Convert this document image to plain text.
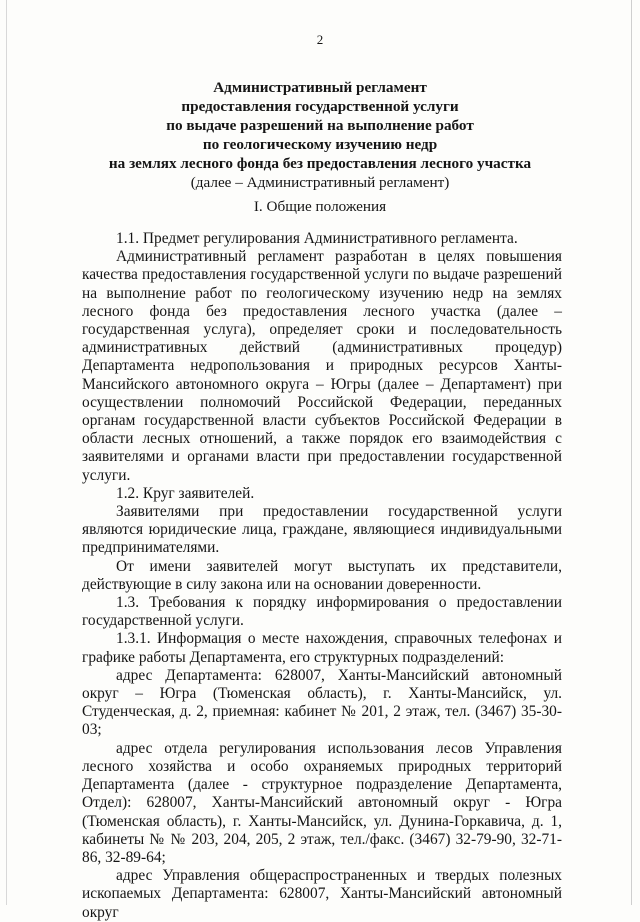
2
Административный регламент
предоставления государственной услуги
по выдаче разрешений на выполнение работ
по геологическому изучению недр
на землях лесного фонда без предоставления лесного участка
(далее – Административный регламент)
I. Общие положения

1.1. Предмет регулирования Административного регламента.

Административный регламент разработан в целях повышения качества предоставления государственной услуги по выдаче разрешений на выполнение работ по геологическому изучению недр на землях лесного фонда без предоставления лесного участка (далее – государственная услуга), определяет сроки и последовательность административных действий (административных процедур) Департамента недропользования и природных ресурсов Ханты-Мансийского автономного округа – Югры (далее – Департамент) при осуществлении полномочий Российской Федерации, переданных органам государственной власти субъектов Российской Федерации в области лесных отношений, а также порядок его взаимодействия с заявителями и органами власти при предоставлении государственной услуги.

1.2. Круг заявителей.

Заявителями при предоставлении государственной услуги являются юридические лица, граждане, являющиеся индивидуальными предпринимателями.

От имени заявителей могут выступать их представители, действующие в силу закона или на основании доверенности.

1.3. Требования к порядку информирования о предоставлении государственной услуги.

1.3.1. Информация о месте нахождения, справочных телефонах и графике работы Департамента, его структурных подразделений:

адрес Департамента: 628007, Ханты-Мансийский автономный округ – Югра (Тюменская область), г. Ханты-Мансийск, ул. Студенческая, д. 2, приемная: кабинет № 201, 2 этаж, тел. (3467) 35-30-03;

адрес отдела регулирования использования лесов Управления лесного хозяйства и особо охраняемых природных территорий Департамента (далее - структурное подразделение Департамента, Отдел): 628007, Ханты-Мансийский автономный округ - Югра (Тюменская область), г. Ханты-Мансийск, ул. Дунина-Горкавича, д. 1, кабинеты № № 203, 204, 205, 2 этаж, тел./факс. (3467) 32-79-90, 32-71-86, 32-89-64;

адрес Управления общераспространенных и твердых полезных ископаемых Департамента: 628007, Ханты-Мансийский автономный округ
